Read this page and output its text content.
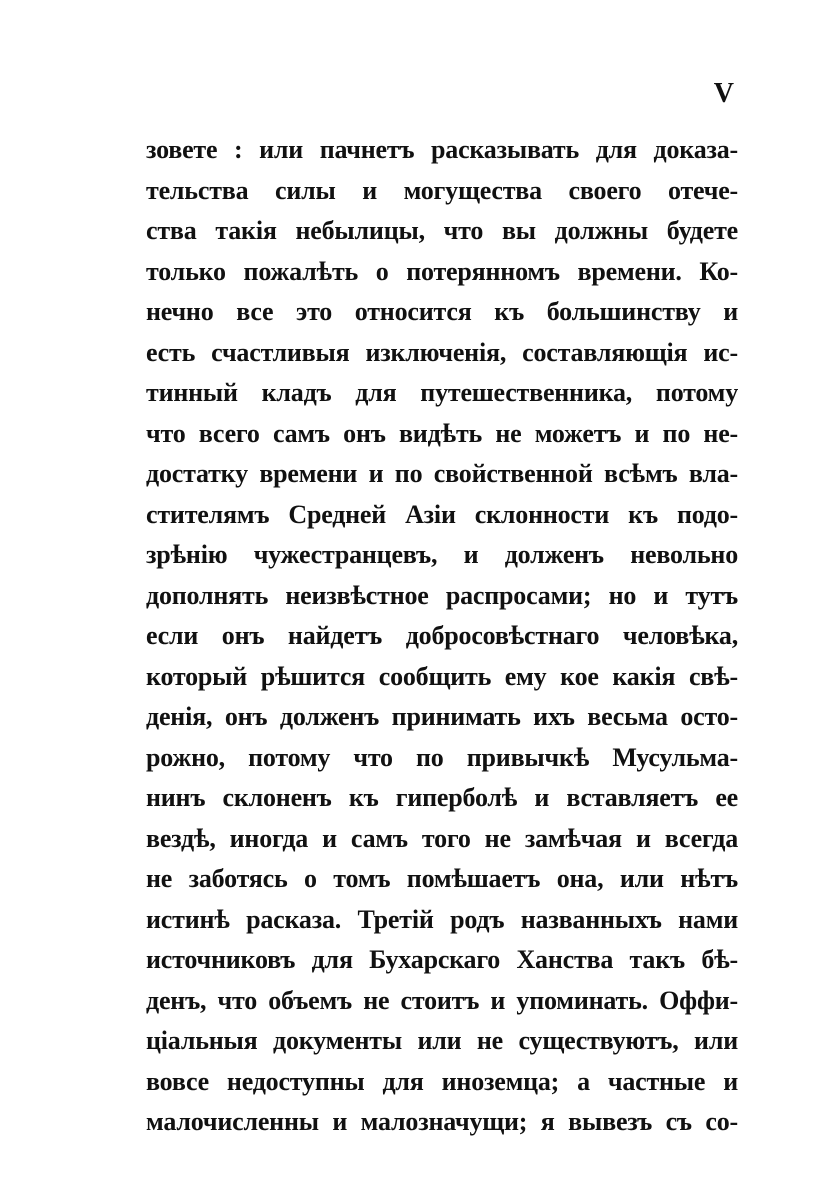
V
зовете : или пачнетъ расказывать для доказа-
тельства силы и могущества своего отече-
ства такія небылицы, что вы должны будете
только пожалѣть о потерянномъ времени. Ко-
нечно все это относится къ большинству и
есть счастливыя изключенія, составляющія ис-
тинный кладъ для путешественника, потому
что всего самъ онъ видѣть не можетъ и по не-
достатку времени и по свойственной всѣмъ вла-
стителямъ Средней Азіи склонности къ подо-
зрѣнію чужестранцевъ, и долженъ невольно
дополнять неизвѣстное распросами; но и тутъ
если онъ найдетъ добросовѣстнаго человѣка,
который рѣшится сообщить ему кое какія свѣ-
денія, онъ долженъ принимать ихъ весьма осто-
рожно, потому что по привычкѣ Мусульма-
нинъ склоненъ къ гиперболѣ и вставляетъ ее
вездѣ, иногда и самъ того не замѣчая и всегда
не заботясь о томъ помѣшаетъ она, или нѣтъ
истинѣ расказа. Третій родъ названныхъ нами
источниковъ для Бухарскаго Ханства такъ бѣ-
денъ, что объемъ не стоитъ и упоминать. Оффи-
ціальныя документы или не существуютъ, или
вовсе недоступны для иноземца; а частные и
малочисленны и малозначущи; я вывезъ съ со-
